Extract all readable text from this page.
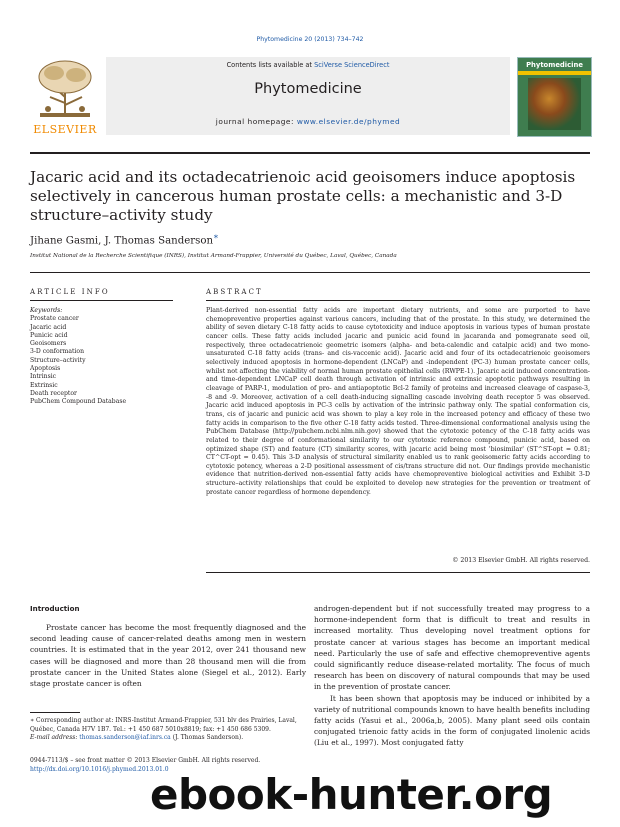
Phytomedicine 20 (2013) 734–742
ELSEVIER
Contents lists available at SciVerse ScienceDirect
Phytomedicine
journal homepage: www.elsevier.de/phymed
Phytomedicine
Jacaric acid and its octadecatrienoic acid geoisomers induce apoptosis selectively in cancerous human prostate cells: a mechanistic and 3-D structure–activity study
Jihane Gasmi, J. Thomas Sanderson∗
Institut National de la Recherche Scientifique (INRS), Institut Armand-Frappier, Université du Québec, Laval, Québec, Canada
ARTICLE INFO	ABSTRACT
Keywords:
Prostate cancer
Jacaric acid
Punicic acid
Geoisomers
3-D conformation
Structure–activity
Apoptosis
Intrinsic
Extrinsic
Death receptor
PubChem Compound Database
Plant-derived non-essential fatty acids are important dietary nutrients, and some are purported to have chemopreventive properties against various cancers, including that of the prostate. In this study, we determined the ability of seven dietary C-18 fatty acids to cause cytotoxicity and induce apoptosis in various types of human prostate cancer cells. These fatty acids included jacaric and punicic acid found in jacaranda and pomegranate seed oil, respectively, three octadecatrienoic geometric isomers (alpha- and beta-calendic and catalpic acid) and two mono-unsaturated C-18 fatty acids (trans- and cis-vaccenic acid). Jacaric acid and four of its octadecatrienoic geoisomers selectively induced apoptosis in hormone-dependent (LNCaP) and -independent (PC-3) human prostate cancer cells, whilst not affecting the viability of normal human prostate epithelial cells (RWPE-1). Jacaric acid induced concentration- and time-dependent LNCaP cell death through activation of intrinsic and extrinsic apoptotic pathways resulting in cleavage of PARP-1, modulation of pro- and antiapoptotic Bcl-2 family of proteins and increased cleavage of caspase-3, -8 and -9. Moreover, activation of a cell death-inducing signalling cascade involving death receptor 5 was observed. Jacaric acid induced apoptosis in PC-3 cells by activation of the intrinsic pathway only. The spatial conformation cis, trans, cis of jacaric and punicic acid was shown to play a key role in the increased potency and efficacy of these two fatty acids in comparison to the five other C-18 fatty acids tested. Three-dimensional conformational analysis using the PubChem Database (http://pubchem.ncbi.nlm.nih.gov) showed that the cytotoxic potency of the C-18 fatty acids was related to their degree of conformational similarity to our cytotoxic reference compound, punicic acid, based on optimized shape (ST) and feature (CT) similarity scores, with jacaric acid being most 'biosimilar' (ST^ST-opt = 0.81; CT^CT-opt = 0.45). This 3-D analysis of structural similarity enabled us to rank geoisomeric fatty acids according to cytotoxic potency, whereas a 2-D positional assessment of cis/trans structure did not. Our findings provide mechanistic evidence that nutrition-derived non-essential fatty acids have chemopreventive biological activities and Exhibit 3-D structure–activity relationships that could be exploited to develop new strategies for the prevention or treatment of prostate cancer regardless of hormone dependency.
© 2013 Elsevier GmbH. All rights reserved.
Introduction
Prostate cancer has become the most frequently diagnosed and the second leading cause of cancer-related deaths among men in western countries. It is estimated that in the year 2012, over 241 thousand new cases will be diagnosed and more than 28 thousand men will die from prostate cancer in the United States alone (Siegel et al., 2012). Early stage prostate cancer is often

androgen-dependent but if not successfully treated may progress to a hormone-independent form that is difficult to treat and results in increased mortality. Thus developing novel treatment options for prostate cancer at various stages has become an important medical need. Particularly the use of safe and effective chemopreventive agents could significantly reduce disease-related mortality. The focus of much research has been on discovery of natural compounds that may be used in the prevention of prostate cancer.

It has been shown that apoptosis may be induced or inhibited by a variety of nutritional compounds known to have health benefits including fatty acids (Yasui et al., 2006a,b, 2005). Many plant seed oils contain conjugated trienoic fatty acids in the form of conjugated linolenic acids (Liu et al., 1997). Most conjugated fatty

∗ Corresponding author at: INRS-Institut Armand-Frappier, 531 blv des Prairies, Laval, Québec, Canada H7V 1B7. Tel.: +1 450 687 5010x8819; fax: +1 450 686 5309.
E-mail address: thomas.sanderson@iaf.inrs.ca (J. Thomas Sanderson).
0944-7113/$ – see front matter © 2013 Elsevier GmbH. All rights reserved.
http://dx.doi.org/10.1016/j.phymed.2013.01.0
ebook-hunter.org
